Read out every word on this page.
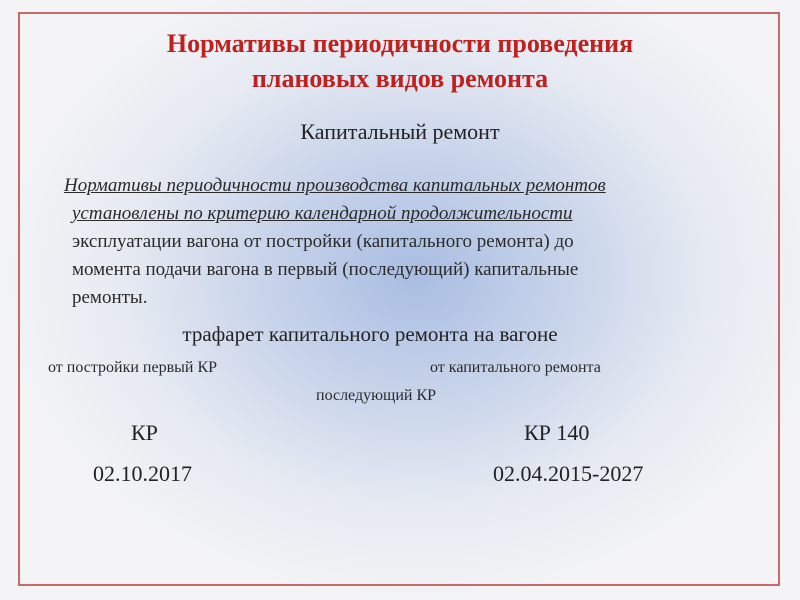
Нормативы периодичности проведения
плановых видов ремонта
Капитальный ремонт
Нормативы периодичности производства капитальных ремонтов
установлены по критерию календарной продолжительности
эксплуатации вагона от постройки (капитального ремонта) до
момента подачи вагона в первый (последующий) капитальные
ремонты.
трафарет капитального ремонта на вагоне
от постройки первый КР	от капитального ремонта
последующий КР
КР	КР 140
02.10.2017	02.04.2015-2027
